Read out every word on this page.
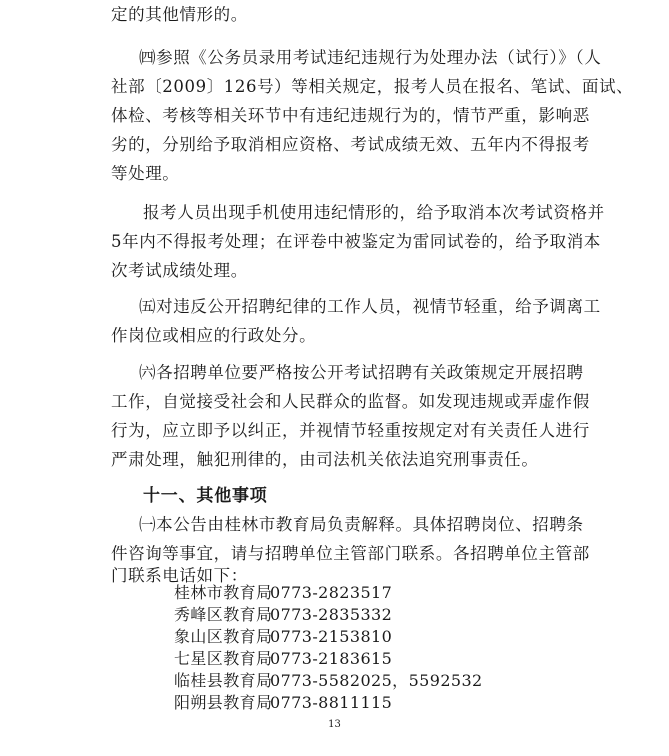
定的其他情形的。
㈣参照《公务员录用考试违纪违规行为处理办法（试行）》（人
社部〔2009〕126号）等相关规定，报考人员在报名、笔试、面试、
体检、考核等相关环节中有违纪违规行为的，情节严重，影响恶
劣的，分别给予取消相应资格、考试成绩无效、五年内不得报考
等处理。
报考人员出现手机使用违纪情形的，给予取消本次考试资格并
5年内不得报考处理；在评卷中被鉴定为雷同试卷的，给予取消本
次考试成绩处理。
㈤对违反公开招聘纪律的工作人员，视情节轻重，给予调离工
作岗位或相应的行政处分。
㈥各招聘单位要严格按公开考试招聘有关政策规定开展招聘
工作，自觉接受社会和人民群众的监督。如发现违规或弄虚作假
行为，应立即予以纠正，并视情节轻重按规定对有关责任人进行
严肃处理，触犯刑律的，由司法机关依法追究刑事责任。
十一、其他事项
㈠本公告由桂林市教育局负责解释。具体招聘岗位、招聘条
件咨询等事宜，请与招聘单位主管部门联系。各招聘单位主管部
门联系电话如下：
桂林市教育局0773-2823517
秀峰区教育局0773-2835332
象山区教育局0773-2153810
七星区教育局0773-2183615
临桂县教育局0773-5582025，5592532
阳朔县教育局0773-8811115
13
